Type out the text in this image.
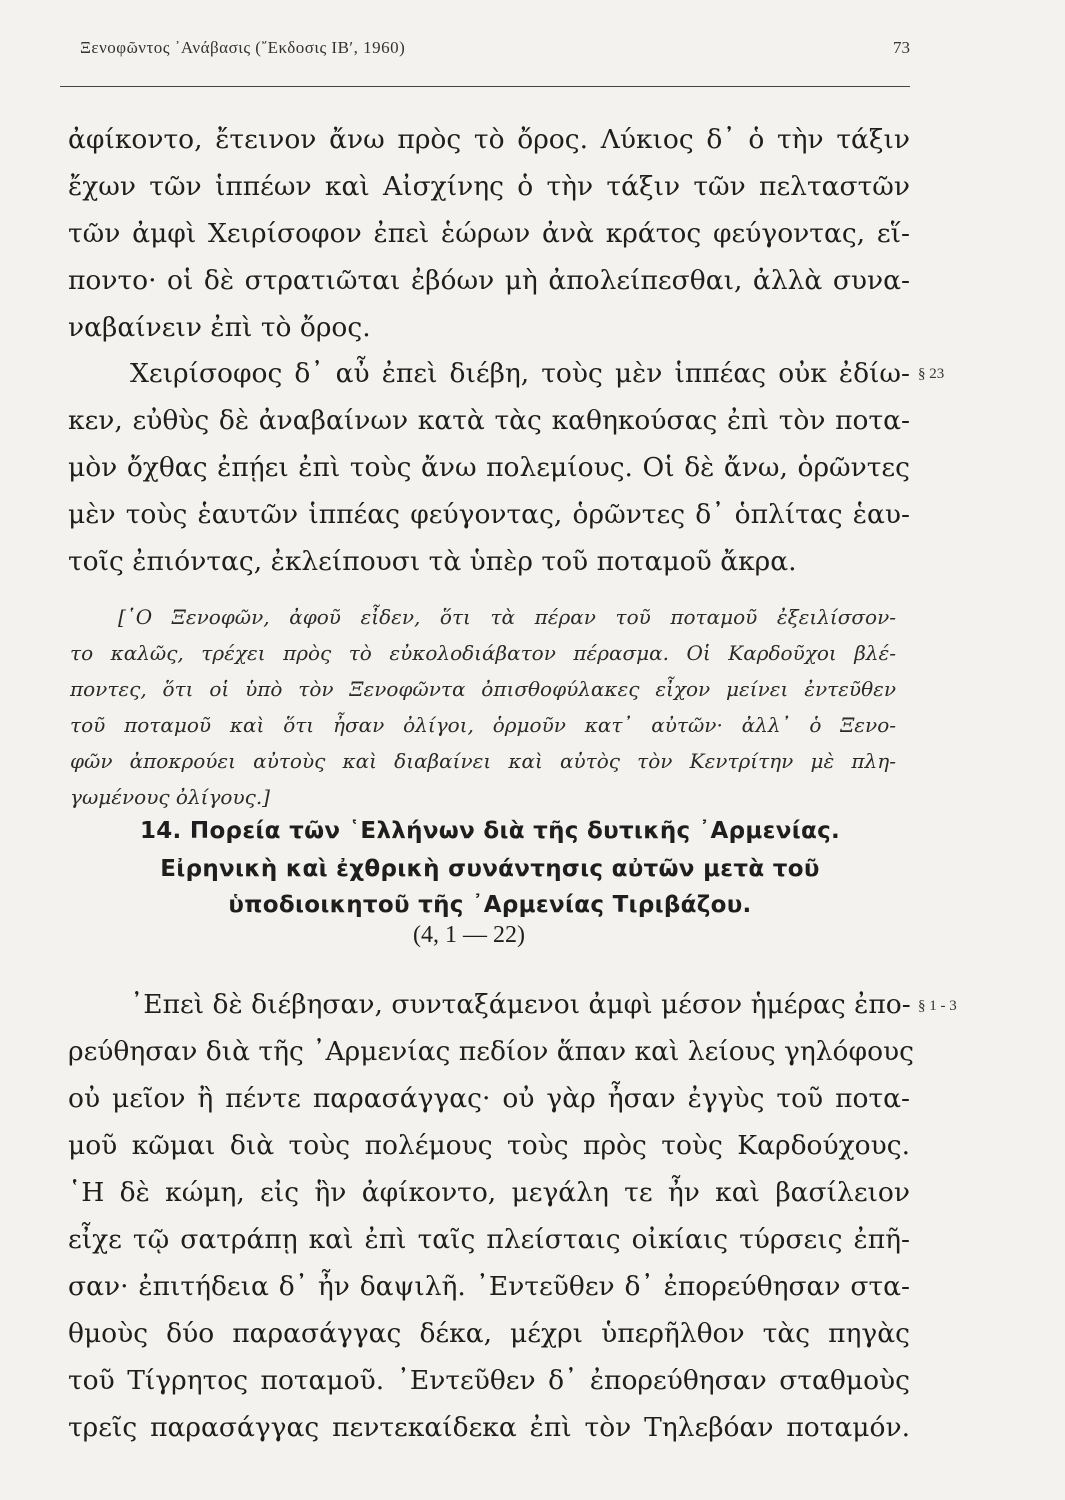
Ξενοφῶντος ᾿Ανάβασις (῎Εκδοσις ΙΒ′, 1960)	73
ἀφίκοντο, ἔτεινον ἄνω πρὸς τὸ ὄρος. Λύκιος δ᾿ ὁ τὴν τάξιν
ἔχων τῶν ἱππέων καὶ Αἰσχίνης ὁ τὴν τάξιν τῶν πελταστῶν
τῶν ἀμφὶ Χειρίσοφον ἐπεὶ ἑώρων ἀνὰ κράτος φεύγοντας, εἵ-
ποντο· οἱ δὲ στρατιῶται ἐβόων μὴ ἀπολείπεσθαι, ἀλλὰ συνα-
ναβαίνειν ἐπὶ τὸ ὄρος.
Χειρίσοφος δ᾿ αὖ ἐπεὶ διέβη, τοὺς μὲν ἱππέας οὐκ ἐδίω- § 23
κεν, εὐθὺς δὲ ἀναβαίνων κατὰ τὰς καθηκούσας ἐπὶ τὸν ποτα-
μὸν ὄχθας ἐπῄει ἐπὶ τοὺς ἄνω πολεμίους. Οἱ δὲ ἄνω, ὁρῶντες
μὲν τοὺς ἑαυτῶν ἱππέας φεύγοντας, ὁρῶντες δ᾿ ὁπλίτας ἑαυ-
τοῖς ἐπιόντας, ἐκλείπουσι τὰ ὑπὲρ τοῦ ποταμοῦ ἄκρα.
[῾Ο Ξενοφῶν, ἀφοῦ εἶδεν, ὅτι τὰ πέραν τοῦ ποταμοῦ ἐξειλίσσον-
το καλῶς, τρέχει πρὸς τὸ εὐκολοδιάβατον πέρασμα. Οἱ Καρδοῦχοι βλέ-
ποντες, ὅτι οἱ ὑπὸ τὸν Ξενοφῶντα ὀπισθοφύλακες εἶχον μείνει ἐντεῦθεν
τοῦ ποταμοῦ καὶ ὅτι ἦσαν ὀλίγοι, ὁρμοῦν κατ᾿ αὐτῶν· ἀλλ᾿ ὁ Ξενο-
φῶν ἀποκρούει αὐτοὺς καὶ διαβαίνει καὶ αὐτὸς τὸν Κεντρίτην μὲ πλη-
γωμένους ὀλίγους.]
14. Πορεία τῶν ῾Ελλήνων διὰ τῆς δυτικῆς ᾿Αρμενίας.
Εἰρηνικὴ καὶ ἐχθρικὴ συνάντησις αὐτῶν μετὰ τοῦ
ὑποδιοικητοῦ τῆς ᾿Αρμενίας Τιριβάζου.
(4, 1 — 22)
᾿Επεὶ δὲ διέβησαν, συνταξάμενοι ἀμφὶ μέσον ἡμέρας ἐπο- § 1 - 3
ρεύθησαν διὰ τῆς ᾿Αρμενίας πεδίον ἅπαν καὶ λείους γηλόφους
οὐ μεῖον ἢ πέντε παρασάγγας· οὐ γὰρ ἦσαν ἐγγὺς τοῦ ποτα-
μοῦ κῶμαι διὰ τοὺς πολέμους τοὺς πρὸς τοὺς Καρδούχους.
῾Η δὲ κώμη, εἰς ἣν ἀφίκοντο, μεγάλη τε ἦν καὶ βασίλειον
εἶχε τῷ σατράπῃ καὶ ἐπὶ ταῖς πλείσταις οἰκίαις τύρσεις ἐπῆ-
σαν· ἐπιτήδεια δ᾿ ἦν δαψιλῆ. ᾿Εντεῦθεν δ᾿ ἐπορεύθησαν στα-
θμοὺς δύο παρασάγγας δέκα, μέχρι ὑπερῆλθον τὰς πηγὰς
τοῦ Τίγρητος ποταμοῦ. ᾿Εντεῦθεν δ᾿ ἐπορεύθησαν σταθμοὺς
τρεῖς παρασάγγας πεντεκαίδεκα ἐπὶ τὸν Τηλεβόαν ποταμόν.
